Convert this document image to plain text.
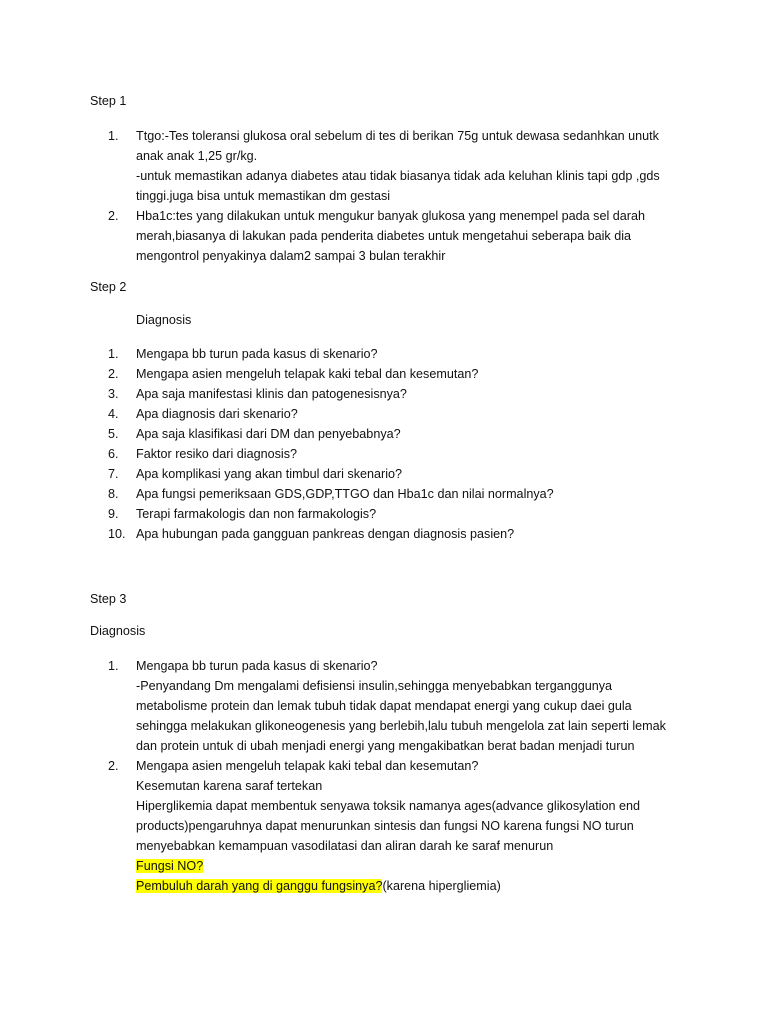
Step 1

1.	Ttgo:-Tes toleransi glukosa oral sebelum di tes di berikan 75g untuk dewasa sedanhkan unutk
anak anak 1,25 gr/kg.
-untuk memastikan adanya diabetes atau tidak biasanya tidak ada keluhan klinis tapi gdp ,gds
tinggi.juga bisa untuk memastikan dm gestasi
2.	Hba1c:tes yang dilakukan untuk mengukur banyak glukosa yang menempel pada sel darah
merah,biasanya di lakukan pada penderita diabetes untuk mengetahui seberapa baik dia
mengontrol penyakinya dalam2 sampai 3 bulan terakhir

Step 2

Diagnosis

1.	Mengapa bb turun pada kasus di skenario?
2.	Mengapa asien mengeluh telapak kaki tebal dan kesemutan?
3.	Apa saja manifestasi klinis dan patogenesisnya?
4.	Apa diagnosis dari skenario?
5.	Apa saja klasifikasi dari DM dan penyebabnya?
6.	Faktor resiko dari diagnosis?
7.	Apa komplikasi yang akan timbul dari skenario?
8.	Apa fungsi pemeriksaan GDS,GDP,TTGO dan Hba1c dan nilai normalnya?
9.	Terapi farmakologis dan non farmakologis?
10. Apa hubungan pada gangguan pankreas dengan diagnosis pasien?

Step 3

Diagnosis

1.	Mengapa bb turun pada kasus di skenario?
-Penyandang Dm mengalami defisiensi insulin,sehingga menyebabkan terganggunya
metabolisme protein dan lemak tubuh tidak dapat mendapat energi yang cukup daei gula
sehingga melakukan glikoneogenesis yang berlebih,lalu tubuh mengelola zat lain seperti lemak
dan protein untuk di ubah menjadi energi yang mengakibatkan berat badan menjadi turun
2.	Mengapa asien mengeluh telapak kaki tebal dan kesemutan?
Kesemutan karena saraf tertekan
Hiperglikemia dapat membentuk senyawa toksik namanya ages(advance glikosylation end
products)pengaruhnya dapat menurunkan sintesis dan fungsi NO karena fungsi NO turun
menyebabkan kemampuan vasodilatasi dan aliran darah ke saraf menurun
Fungsi NO?
Pembuluh darah yang di ganggu fungsinya?(karena hipergliemia)
